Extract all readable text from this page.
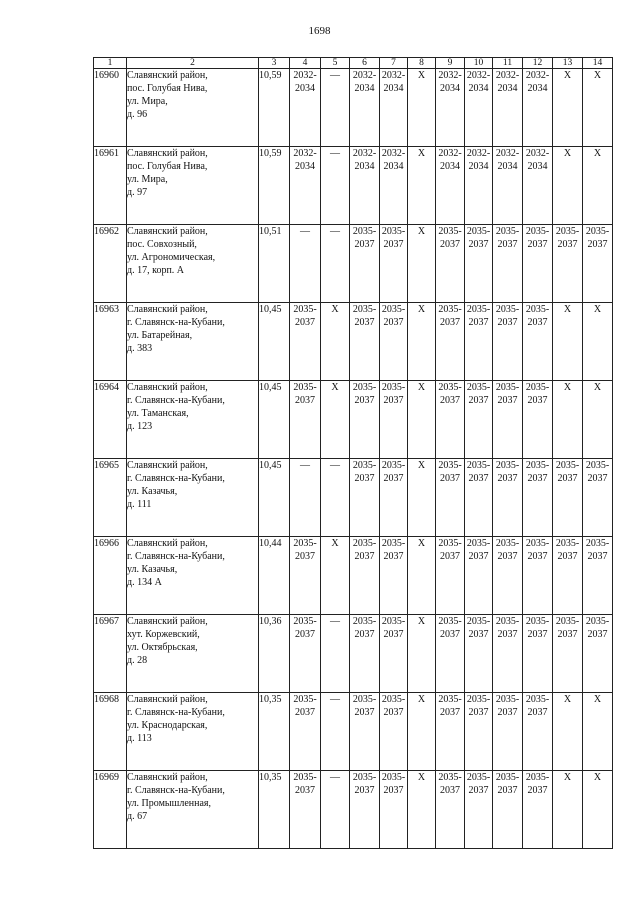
1698
1	2	3	4	5	6	7	8	9	10	11	12	13	14
16960	Славянский район,
пос. Голубая Нива,
ул. Мира,
д. 96	10,59	2032-
2034	—	2032-
2034	2032-
2034	X	2032-
2034	2032-
2034	2032-
2034	2032-
2034	X	X

16961	Славянский район,
пос. Голубая Нива,
ул. Мира,
д. 97	10,59	2032-
2034	—	2032-
2034	2032-
2034	X	2032-
2034	2032-
2034	2032-
2034	2032-
2034	X	X

16962	Славянский район,
пос. Совхозный,
ул. Агрономическая,
д. 17, корп. А	10,51	—	—	2035-
2037	2035-
2037	X	2035-
2037	2035-
2037	2035-
2037	2035-
2037	2035-
2037	2035-
2037

16963	Славянский район,
г. Славянск-на-Кубани,
ул. Батарейная,
д. 383	10,45	2035-
2037	X	2035-
2037	2035-
2037	X	2035-
2037	2035-
2037	2035-
2037	2035-
2037	X	X

16964	Славянский район,
г. Славянск-на-Кубани,
ул. Таманская,
д. 123	10,45	2035-
2037	X	2035-
2037	2035-
2037	X	2035-
2037	2035-
2037	2035-
2037	2035-
2037	X	X

16965	Славянский район,
г. Славянск-на-Кубани,
ул. Казачья,
д. 111	10,45	—	—	2035-
2037	2035-
2037	X	2035-
2037	2035-
2037	2035-
2037	2035-
2037	2035-
2037	2035-
2037

16966	Славянский район,
г. Славянск-на-Кубани,
ул. Казачья,
д. 134 А	10,44	2035-
2037	X	2035-
2037	2035-
2037	X	2035-
2037	2035-
2037	2035-
2037	2035-
2037	2035-
2037	2035-
2037

16967	Славянский район,
хут. Коржевский,
ул. Октябрьская,
д. 28	10,36	2035-
2037	—	2035-
2037	2035-
2037	X	2035-
2037	2035-
2037	2035-
2037	2035-
2037	2035-
2037	2035-
2037

16968	Славянский район,
г. Славянск-на-Кубани,
ул. Краснодарская,
д. 113	10,35	2035-
2037	—	2035-
2037	2035-
2037	X	2035-
2037	2035-
2037	2035-
2037	2035-
2037	X	X

16969	Славянский район,
г. Славянск-на-Кубани,
ул. Промышленная,
д. 67	10,35	2035-
2037	—	2035-
2037	2035-
2037	X	2035-
2037	2035-
2037	2035-
2037	2035-
2037	X	X
